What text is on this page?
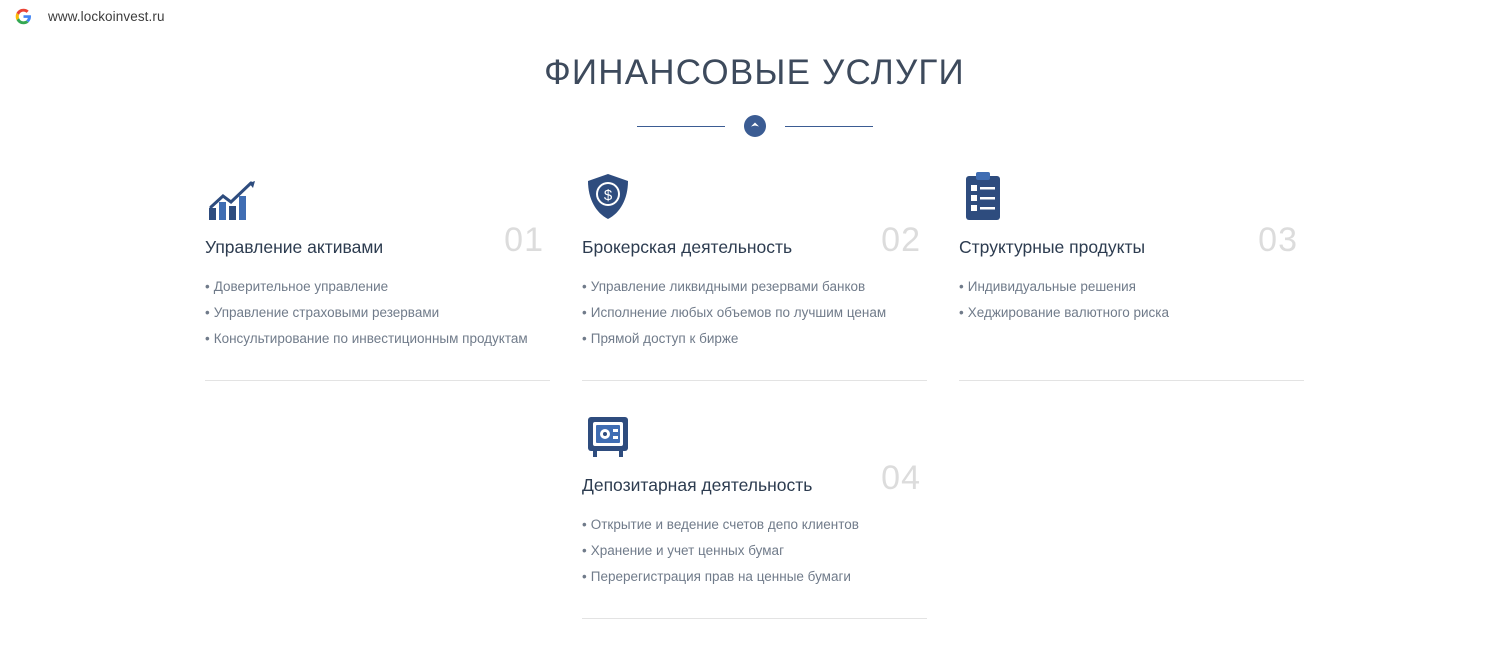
www.lockoinvest.ru
ФИНАНСОВЫЕ УСЛУГИ
01
Управление активами
• Доверительное управление
• Управление страховыми резервами
• Консультирование по инвестиционным продуктам
$
02
Брокерская деятельность
• Управление ликвидными резервами банков
• Исполнение любых объемов по лучшим ценам
• Прямой доступ к бирже
03
Структурные продукты
• Индивидуальные решения
• Хеджирование валютного риска
04
Депозитарная деятельность
• Открытие и ведение счетов депо клиентов
• Хранение и учет ценных бумаг
• Перерегистрация прав на ценные бумаги
